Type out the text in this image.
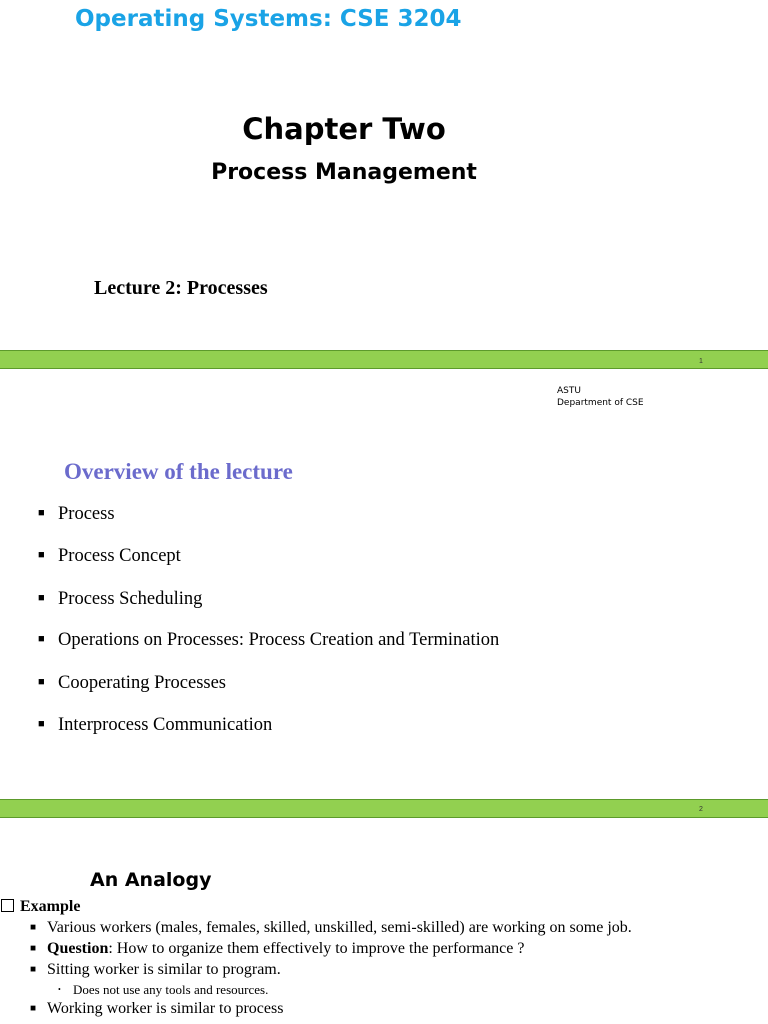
Operating Systems: CSE 3204
Chapter Two
Process Management
Lecture 2: Processes
1
ASTU
Department of CSE
Overview of the lecture
■ Process
■ Process Concept
■ Process Scheduling
■ Operations on Processes: Process Creation and Termination
■ Cooperating Processes
■ Interprocess Communication
2
An Analogy
Example
■ Various workers (males, females, skilled, unskilled, semi-skilled) are working on some job.
■ Question: How to organize them effectively to improve the performance ?
■ Sitting worker is similar to program.
• Does not use any tools and resources.
■ Working worker is similar to process
